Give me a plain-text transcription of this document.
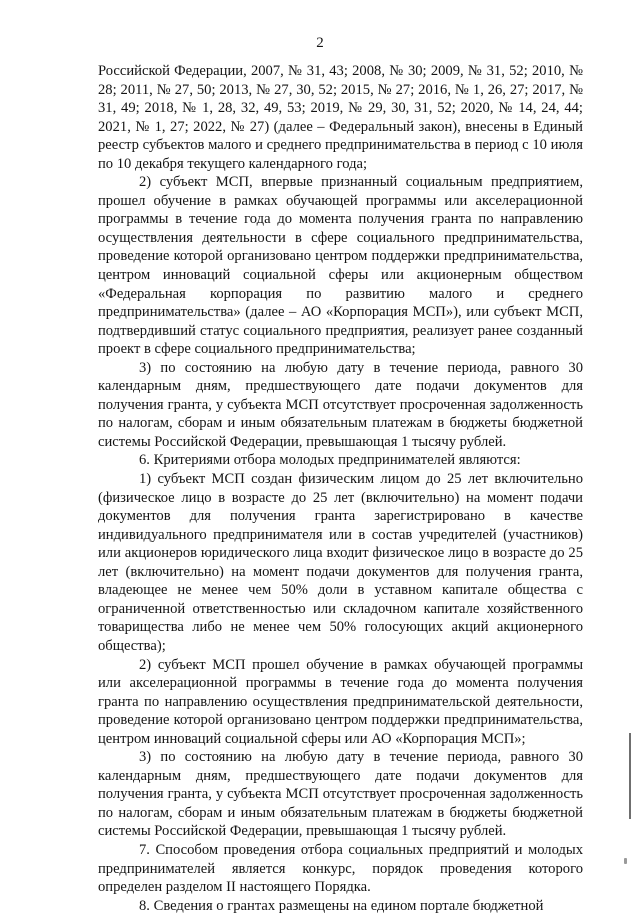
2

Российской Федерации, 2007, № 31, 43; 2008, № 30; 2009, № 31, 52; 2010, № 28; 2011, № 27, 50; 2013, № 27, 30, 52; 2015, № 27; 2016, № 1, 26, 27; 2017, № 31, 49; 2018, № 1, 28, 32, 49, 53; 2019, № 29, 30, 31, 52; 2020, № 14, 24, 44; 2021, № 1, 27; 2022, № 27) (далее – Федеральный закон), внесены в Единый реестр субъектов малого и среднего предпринимательства в период с 10 июля по 10 декабря текущего календарного года;

2) субъект МСП, впервые признанный социальным предприятием, прошел обучение в рамках обучающей программы или акселерационной программы в течение года до момента получения гранта по направлению осуществления деятельности в сфере социального предпринимательства, проведение которой организовано центром поддержки предпринимательства, центром инноваций социальной сферы или акционерным обществом «Федеральная корпорация по развитию малого и среднего предпринимательства» (далее – АО «Корпорация МСП»), или субъект МСП, подтвердивший статус социального предприятия, реализует ранее созданный проект в сфере социального предпринимательства;

3) по состоянию на любую дату в течение периода, равного 30 календарным дням, предшествующего дате подачи документов для получения гранта, у субъекта МСП отсутствует просроченная задолженность по налогам, сборам и иным обязательным платежам в бюджеты бюджетной системы Российской Федерации, превышающая 1 тысячу рублей.

6. Критериями отбора молодых предпринимателей являются:

1) субъект МСП создан физическим лицом до 25 лет включительно (физическое лицо в возрасте до 25 лет (включительно) на момент подачи документов для получения гранта зарегистрировано в качестве индивидуального предпринимателя или в состав учредителей (участников) или акционеров юридического лица входит физическое лицо в возрасте до 25 лет (включительно) на момент подачи документов для получения гранта, владеющее не менее чем 50% доли в уставном капитале общества с ограниченной ответственностью или складочном капитале хозяйственного товарищества либо не менее чем 50% голосующих акций акционерного общества);

2) субъект МСП прошел обучение в рамках обучающей программы или акселерационной программы в течение года до момента получения гранта по направлению осуществления предпринимательской деятельности, проведение которой организовано центром поддержки предпринимательства, центром инноваций социальной сферы или АО «Корпорация МСП»;

3) по состоянию на любую дату в течение периода, равного 30 календарным дням, предшествующего дате подачи документов для получения гранта, у субъекта МСП отсутствует просроченная задолженность по налогам, сборам и иным обязательным платежам в бюджеты бюджетной системы Российской Федерации, превышающая 1 тысячу рублей.

7. Способом проведения отбора социальных предприятий и молодых предпринимателей является конкурс, порядок проведения которого определен разделом II настоящего Порядка.

8. Сведения о грантах размещены на едином портале бюджетной
